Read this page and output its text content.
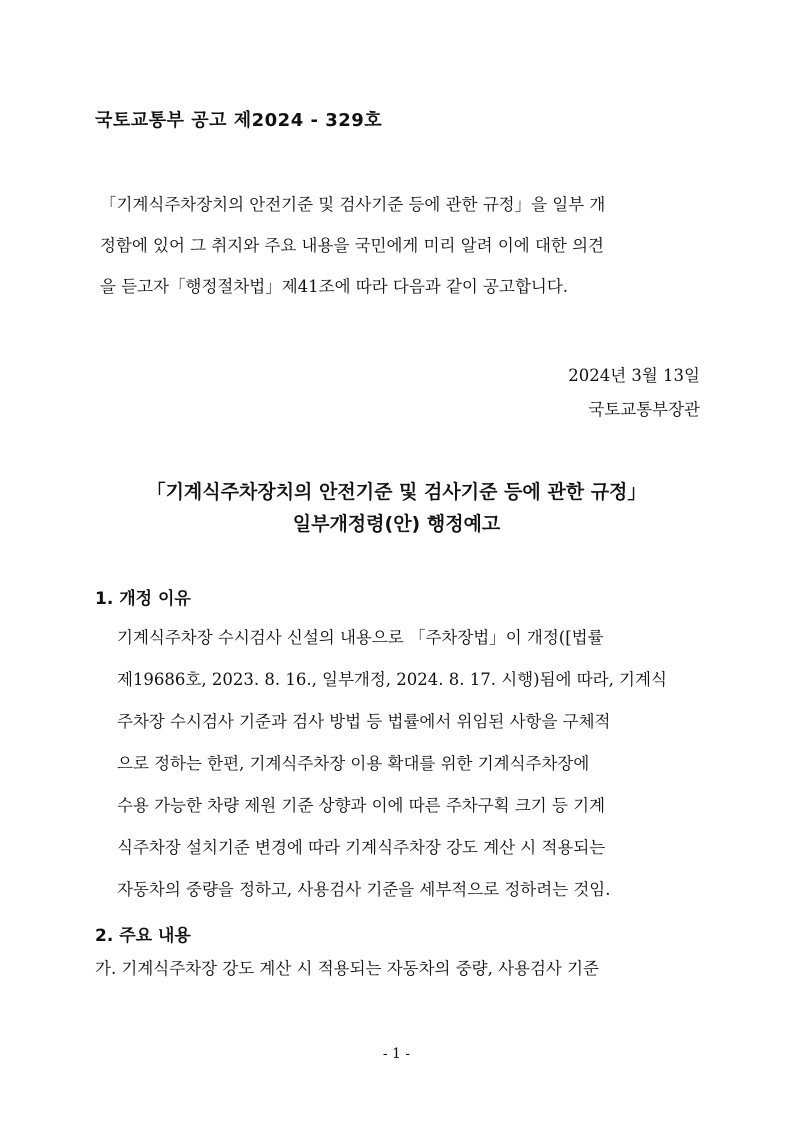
국토교통부 공고 제2024 - 329호
「기계식주차장치의 안전기준 및 검사기준 등에 관한 규정」을 일부 개
정함에 있어 그 취지와 주요 내용을 국민에게 미리 알려 이에 대한 의견
을 듣고자「행정절차법」제41조에 따라 다음과 같이 공고합니다.
2024년 3월 13일
국토교통부장관
「기계식주차장치의 안전기준 및 검사기준 등에 관한 규정」
일부개정령(안) 행정예고
1. 개정 이유
기계식주차장 수시검사 신설의 내용으로 「주차장법」이 개정([법률
제19686호, 2023. 8. 16., 일부개정, 2024. 8. 17. 시행)됨에 따라, 기계식
주차장 수시검사 기준과 검사 방법 등 법률에서 위임된 사항을 구체적
으로 정하는 한편, 기계식주차장 이용 확대를 위한 기계식주차장에
수용 가능한 차량 제원 기준 상향과 이에 따른 주차구획 크기 등 기계
식주차장 설치기준 변경에 따라 기계식주차장 강도 계산 시 적용되는
자동차의 중량을 정하고, 사용검사 기준을 세부적으로 정하려는 것임.
2. 주요 내용
가. 기계식주차장 강도 계산 시 적용되는 자동차의 중량, 사용검사 기준
- 1 -
